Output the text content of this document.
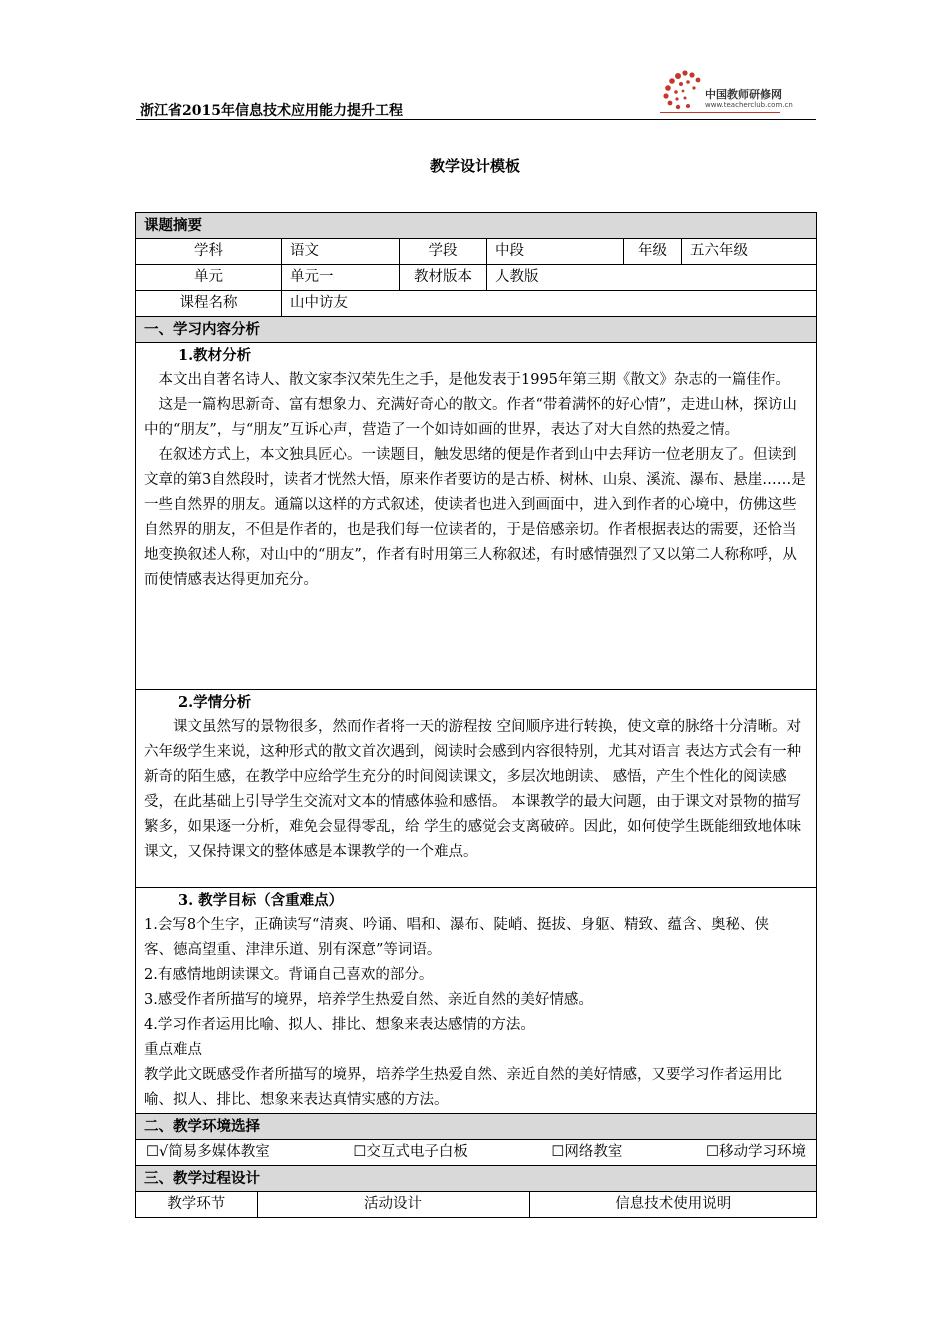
浙江省2015年信息技术应用能力提升工程
中国教师研修网
www.teacherclub.com.cn
教学设计模板
课题摘要
学科	语文	学段	中段	年级	五六年级
单元	单元一	教材版本	人教版
课程名称	山中访友
一、学习内容分析

1.教材分析

本文出自著名诗人、散文家李汉荣先生之手，是他发表于1995年第三期《散文》杂志的一篇佳作。

这是一篇构思新奇、富有想象力、充满好奇心的散文。作者“带着满怀的好心情”，走进山林，探访山中的“朋友”，与“朋友”互诉心声，营造了一个如诗如画的世界，表达了对大自然的热爱之情。

在叙述方式上，本文独具匠心。一读题目，触发思绪的便是作者到山中去拜访一位老朋友了。但读到文章的第3自然段时，读者才恍然大悟，原来作者要访的是古桥、树林、山泉、溪流、瀑布、悬崖……是一些自然界的朋友。通篇以这样的方式叙述，使读者也进入到画面中，进入到作者的心境中，仿佛这些自然界的朋友，不但是作者的，也是我们每一位读者的，于是倍感亲切。作者根据表达的需要，还恰当地变换叙述人称，对山中的“朋友”，作者有时用第三人称叙述，有时感情强烈了又以第二人称称呼，从而使情感表达得更加充分。

2.学情分析

课文虽然写的景物很多，然而作者将一天的游程按 空间顺序进行转换，使文章的脉络十分清晰。对六年级学生来说，这种形式的散文首次遇到，阅读时会感到内容很特别，尤其对语言 表达方式会有一种新奇的陌生感，在教学中应给学生充分的时间阅读课文，多层次地朗读、 感悟，产生个性化的阅读感受，在此基础上引导学生交流对文本的情感体验和感悟。 本课教学的最大问题，由于课文对景物的描写繁多，如果逐一分析，难免会显得零乱，给 学生的感觉会支离破碎。因此，如何使学生既能细致地体味课文，又保持课文的整体感是本课教学的一个难点。

3. 教学目标（含重难点）
1.会写8个生字，正确读写“清爽、吟诵、唱和、瀑布、陡峭、挺拔、身躯、精致、蕴含、奥秘、侠客、德高望重、津津乐道、别有深意”等词语。
2.有感情地朗读课文。背诵自己喜欢的部分。
3.感受作者所描写的境界，培养学生热爱自然、亲近自然的美好情感。
4.学习作者运用比喻、拟人、排比、想象来表达感情的方法。
重点难点
教学此文既感受作者所描写的境界，培养学生热爱自然、亲近自然的美好情感，又要学习作者运用比喻、拟人、排比、想象来表达真情实感的方法。

二、教学环境选择

☐√简易多媒体教室	☐交互式电子白板	☐网络教室	☐移动学习环境

三、教学过程设计

教学环节	活动设计	信息技术使用说明
